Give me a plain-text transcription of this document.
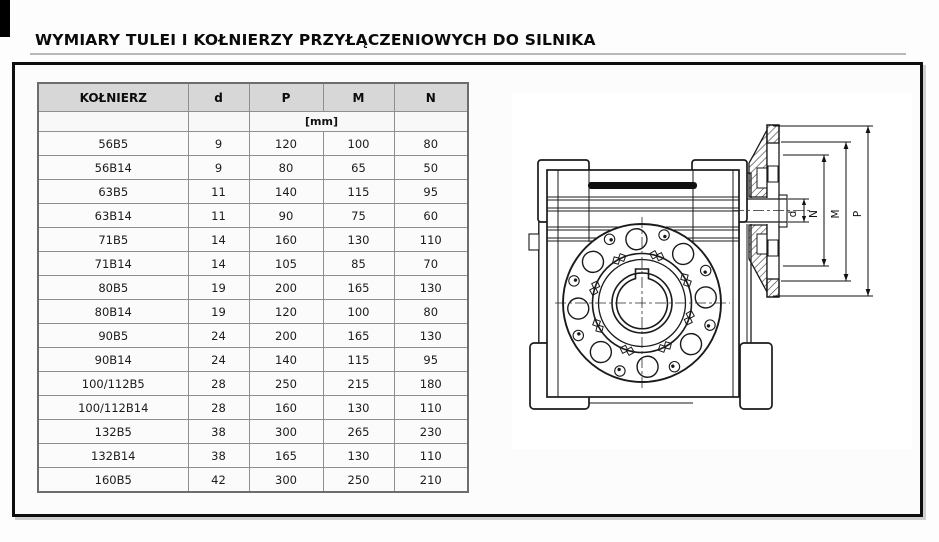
WYMIARY TULEI I KOŁNIERZY PRZYŁĄCZENIOWYCH DO SILNIKA
KOŁNIERZ	d	P	M	N
		[mm]		
56B5	9	120	100	80
56B14	9	80	65	50
63B5	11	140	115	95
63B14	11	90	75	60
71B5	14	160	130	110
71B14	14	105	85	70
80B5	19	200	165	130
80B14	19	120	100	80
90B5	24	200	165	130
90B14	24	140	115	95
100/112B5	28	250	215	180
100/112B14	28	160	130	110
132B5	38	300	265	230
132B14	38	165	130	110
160B5	42	300	250	210
d N M P
